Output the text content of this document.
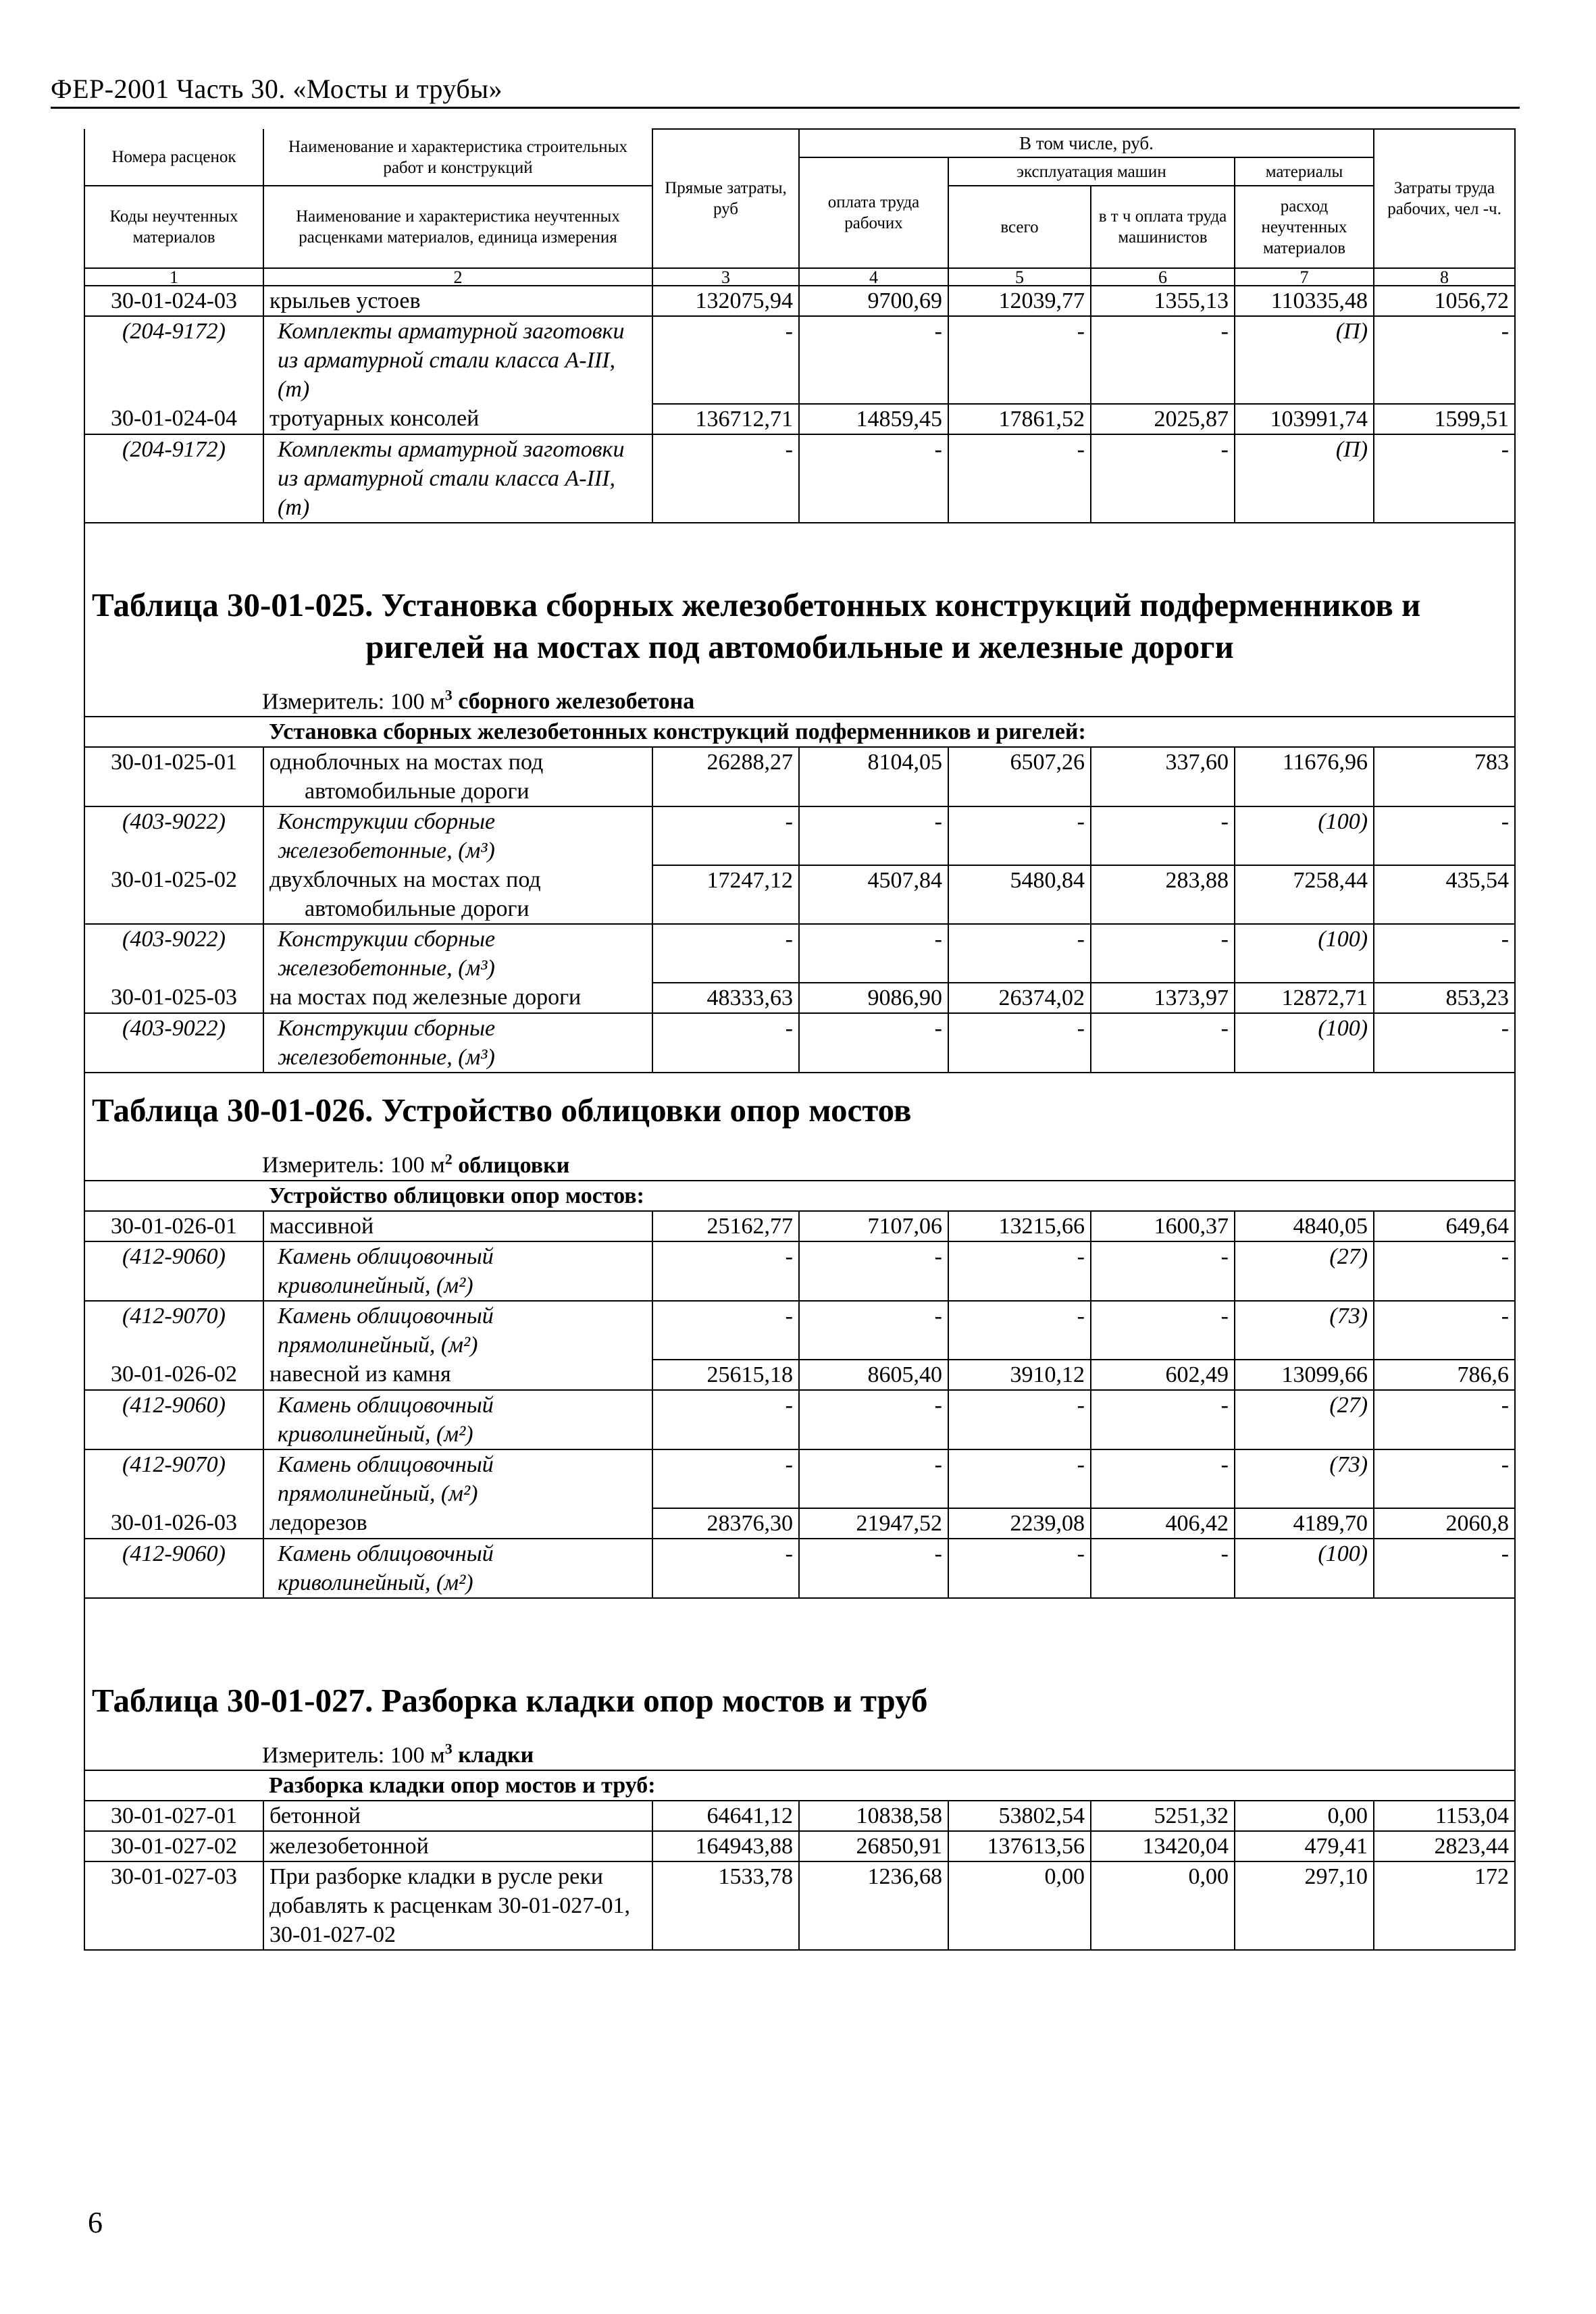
ФЕР-2001 Часть 30. «Мосты и трубы»
Номера расценок	Наименование и характеристика строительных работ и конструкций	Прямые затраты, руб	В том числе, руб.				Затраты труда рабочих, чел -ч.
			оплата труда рабочих	эксплуатация машин		материалы	
Коды неучтенных материалов	Наименование и характеристика неучтенных расценками материалов, единица измерения			всего	в т ч оплата труда машинистов	расход неучтенных материалов	

1	2	3	4	5	6	7	8
30-01-024-03	крыльев устоев	132075,94	9700,69	12039,77	1355,13	110335,48	1056,72
(204-9172)	Комплекты арматурной заготовки из арматурной стали класса А-III, (т)	-	-	-	-	(П)	-
30-01-024-04	тротуарных консолей	136712,71	14859,45	17861,52	2025,87	103991,74	1599,51
(204-9172)	Комплекты арматурной заготовки из арматурной стали класса А-III, (т)	-	-	-	-	(П)	-

Таблица 30-01-025. Установка сборных железобетонных конструкций подферменников и
ригелей на мостах под автомобильные и железные дороги
Измеритель: 100 $м^3$ сборного железобетона							

	Установка сборных железобетонных конструкций подферменников и ригелей:						
30-01-025-01	одноблочных на мостах под автомобильные дороги	26288,27	8104,05	6507,26	337,60	11676,96	783
(403-9022)	Конструкции сборные железобетонные, (м³)	-	-	-	-	(100)	-
30-01-025-02	двухблочных на мостах под автомобильные дороги	17247,12	4507,84	5480,84	283,88	7258,44	435,54
(403-9022)	Конструкции сборные железобетонные, (м³)	-	-	-	-	(100)	-
30-01-025-03	на мостах под железные дороги	48333,63	9086,90	26374,02	1373,97	12872,71	853,23
(403-9022)	Конструкции сборные железобетонные, (м³)	-	-	-	-	(100)	-

Таблица 30-01-026. Устройство облицовки опор мостов
Измеритель: 100 $м^2$ облицовки							

	Устройство облицовки опор мостов:						
30-01-026-01	массивной	25162,77	7107,06	13215,66	1600,37	4840,05	649,64
(412-9060)	Камень облицовочный криволинейный, (м²)	-	-	-	-	(27)	-
(412-9070)	Камень облицовочный прямолинейный, (м²)	-	-	-	-	(73)	-
30-01-026-02	навесной из камня	25615,18	8605,40	3910,12	602,49	13099,66	786,6
(412-9060)	Камень облицовочный криволинейный, (м²)	-	-	-	-	(27)	-
(412-9070)	Камень облицовочный прямолинейный, (м²)	-	-	-	-	(73)	-
30-01-026-03	ледорезов	28376,30	21947,52	2239,08	406,42	4189,70	2060,8
(412-9060)	Камень облицовочный криволинейный, (м²)	-	-	-	-	(100)	-

Таблица 30-01-027. Разборка кладки опор мостов и труб
Измеритель: 100 $м^3$ кладки							

	Разборка кладки опор мостов и труб:						
30-01-027-01	бетонной	64641,12	10838,58	53802,54	5251,32	0,00	1153,04
30-01-027-02	железобетонной	164943,88	26850,91	137613,56	13420,04	479,41	2823,44
30-01-027-03	При разборке кладки в русле реки добавлять к расценкам 30-01-027-01, 30-01-027-02	1533,78	1236,68	0,00	0,00	297,10	172
6
